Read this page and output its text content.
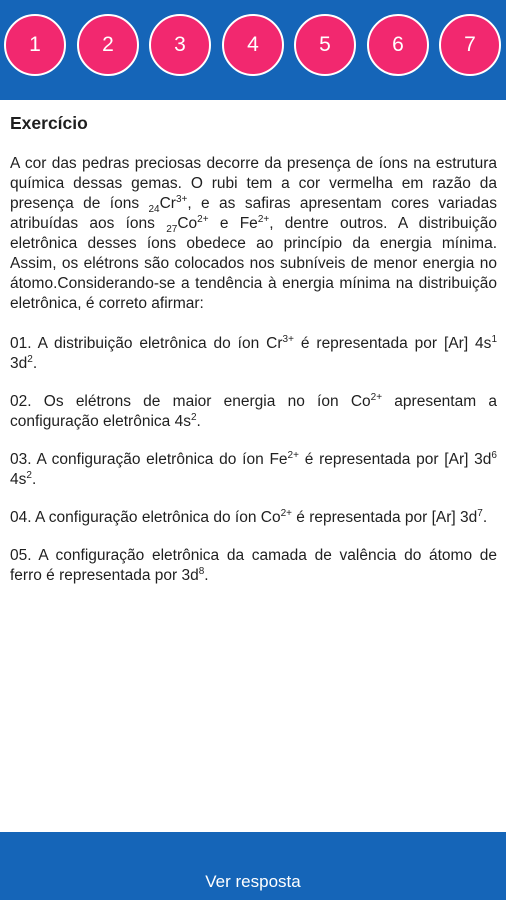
1	2	3	4	5	6	7
Exercício

A cor das pedras preciosas decorre da presença de íons na estrutura química dessas gemas. O rubi tem a cor vermelha em razão da presença de íons $_{24}Cr^{3+}$, e as safiras apresentam cores variadas atribuídas aos íons $_{27}Co^{2+}$ e $Fe^{2+}$, dentre outros. A distribuição eletrônica desses íons obedece ao princípio da energia mínima. Assim, os elétrons são colocados nos subníveis de menor energia no átomo.Considerando-se a tendência à energia mínima na distribuição eletrônica, é correto afirmar:

01. A distribuição eletrônica do íon $Cr^{3+}$ é representada por [Ar] $4s^1$ $3d^2$.

02. Os elétrons de maior energia no íon $Co^{2+}$ apresentam a configuração eletrônica $4s^2$.

03. A configuração eletrônica do íon $Fe^{2+}$ é representada por [Ar] $3d^6$ $4s^2$.

04. A configuração eletrônica do íon $Co^{2+}$ é representada por [Ar] $3d^7$.

05. A configuração eletrônica da camada de valência do átomo de ferro é representada por $3d^8$.

Ver resposta
